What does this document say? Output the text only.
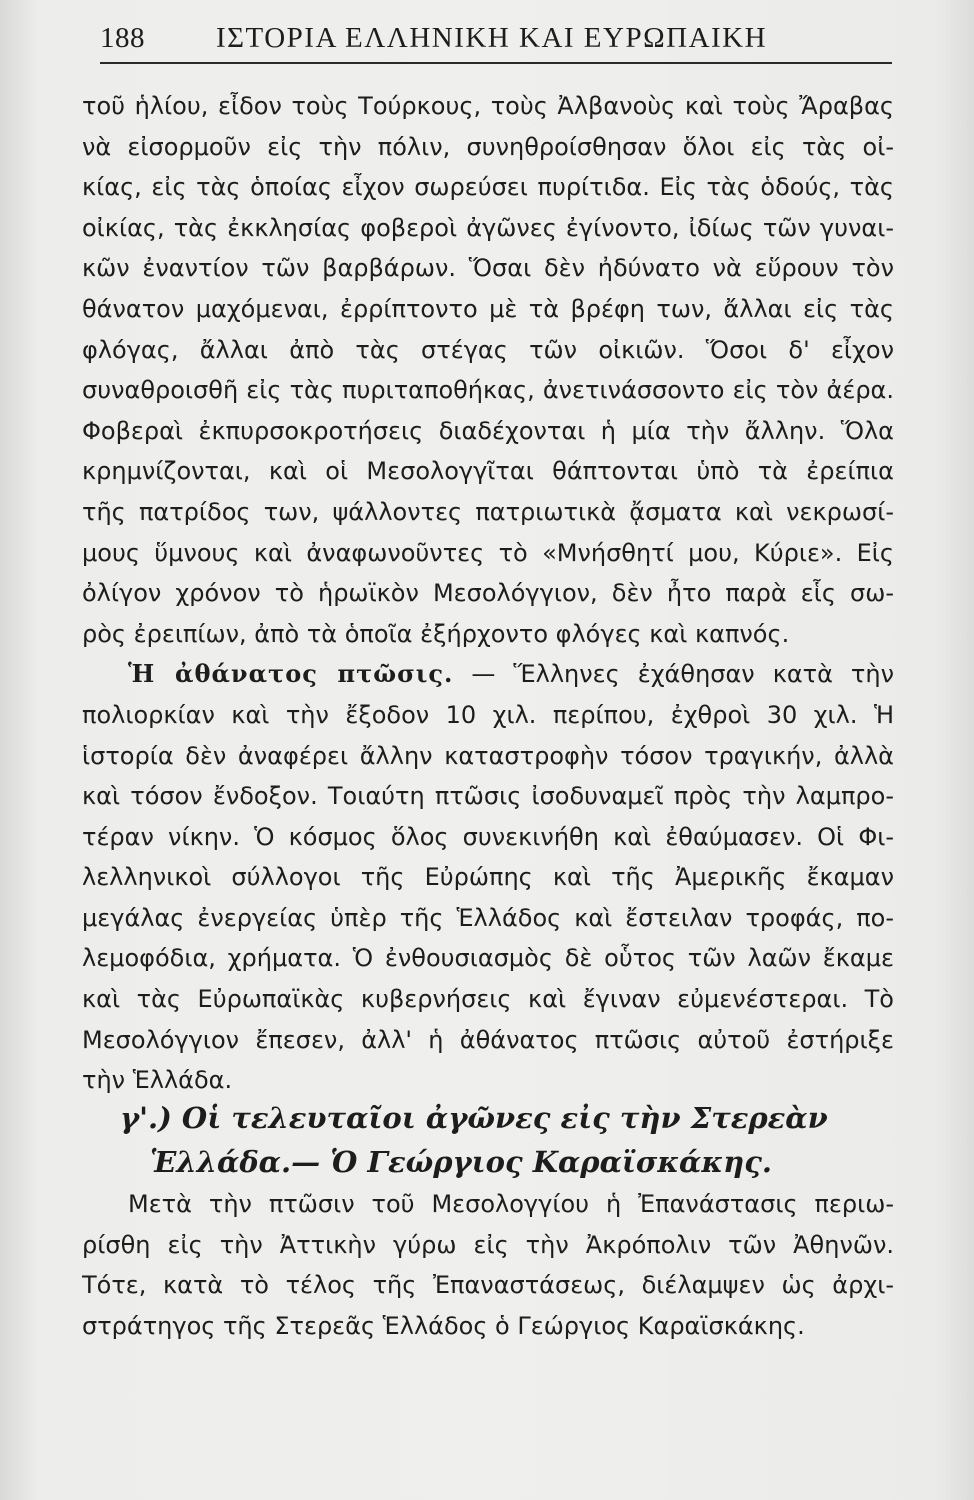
188 ΙΣΤΟΡΙΑ ΕΛΛΗΝΙΚΗ ΚΑΙ ΕΥΡΩΠΑΙΚΗ
τοῦ ἡλίου, εἶδον τοὺς Τούρκους, τοὺς Ἀλβανοὺς καὶ τοὺς Ἄραβας
νὰ εἰσορμοῦν εἰς τὴν πόλιν, συνηθροίσθησαν ὅλοι εἰς τὰς οἰ-
κίας, εἰς τὰς ὁποίας εἶχον σωρεύσει πυρίτιδα. Εἰς τὰς ὁδούς, τὰς
οἰκίας, τὰς ἐκκλησίας φοβεροὶ ἀγῶνες ἐγίνοντο, ἰδίως τῶν γυναι-
κῶν ἐναντίον τῶν βαρβάρων. Ὅσαι δὲν ἠδύνατο νὰ εὕρουν τὸν
θάνατον μαχόμεναι, ἐρρίπτοντο μὲ τὰ βρέφη των, ἄλλαι εἰς τὰς
φλόγας, ἄλλαι ἀπὸ τὰς στέγας τῶν οἰκιῶν. Ὅσοι δ' εἶχον
συναθροισθῆ εἰς τὰς πυριταποθήκας, ἀνετινάσσοντο εἰς τὸν ἀέρα.
Φοβεραὶ ἐκπυρσοκροτήσεις διαδέχονται ἡ μία τὴν ἄλλην. Ὅλα
κρημνίζονται, καὶ οἱ Μεσολογγῖται θάπτονται ὑπὸ τὰ ἐρείπια
τῆς πατρίδος των, ψάλλοντες πατριωτικὰ ᾄσματα καὶ νεκρωσί-
μους ὕμνους καὶ ἀναφωνοῦντες τὸ «Μνήσθητί μου, Κύριε». Εἰς
ὀλίγον χρόνον τὸ ἡρωϊκὸν Μεσολόγγιον, δὲν ἦτο παρὰ εἷς σω-
ρὸς ἐρειπίων, ἀπὸ τὰ ὁποῖα ἐξήρχοντο φλόγες καὶ καπνός.
Ἡ ἀθάνατος πτῶσις. — Ἕλληνες ἐχάθησαν κατὰ τὴν
πολιορκίαν καὶ τὴν ἔξοδον 10 χιλ. περίπου, ἐχθροὶ 30 χιλ. Ἡ
ἱστορία δὲν ἀναφέρει ἄλλην καταστροφὴν τόσον τραγικήν, ἀλλὰ
καὶ τόσον ἔνδοξον. Τοιαύτη πτῶσις ἰσοδυναμεῖ πρὸς τὴν λαμπρο-
τέραν νίκην. Ὁ κόσμος ὅλος συνεκινήθη καὶ ἐθαύμασεν. Οἱ Φι-
λελληνικοὶ σύλλογοι τῆς Εὐρώπης καὶ τῆς Ἀμερικῆς ἔκαμαν
μεγάλας ἐνεργείας ὑπὲρ τῆς Ἑλλάδος καὶ ἔστειλαν τροφάς, πο-
λεμοφόδια, χρήματα. Ὁ ἐνθουσιασμὸς δὲ οὗτος τῶν λαῶν ἔκαμε
καὶ τὰς Εὐρωπαϊκὰς κυβερνήσεις καὶ ἔγιναν εὐμενέστεραι. Τὸ
Μεσολόγγιον ἔπεσεν, ἀλλ' ἡ ἀθάνατος πτῶσις αὐτοῦ ἐστήριξε
τὴν Ἑλλάδα.
γ'.) Οἱ τελευταῖοι ἀγῶνες εἰς τὴν Στερεὰν
Ἑλλάδα.— Ὁ Γεώργιος Καραϊσκάκης.
Μετὰ τὴν πτῶσιν τοῦ Μεσολογγίου ἡ Ἐπανάστασις περιω-
ρίσθη εἰς τὴν Ἀττικὴν γύρω εἰς τὴν Ἀκρόπολιν τῶν Ἀθηνῶν.
Τότε, κατὰ τὸ τέλος τῆς Ἐπαναστάσεως, διέλαμψεν ὡς ἀρχι-
στράτηγος τῆς Στερεᾶς Ἑλλάδος ὁ Γεώργιος Καραϊσκάκης.
